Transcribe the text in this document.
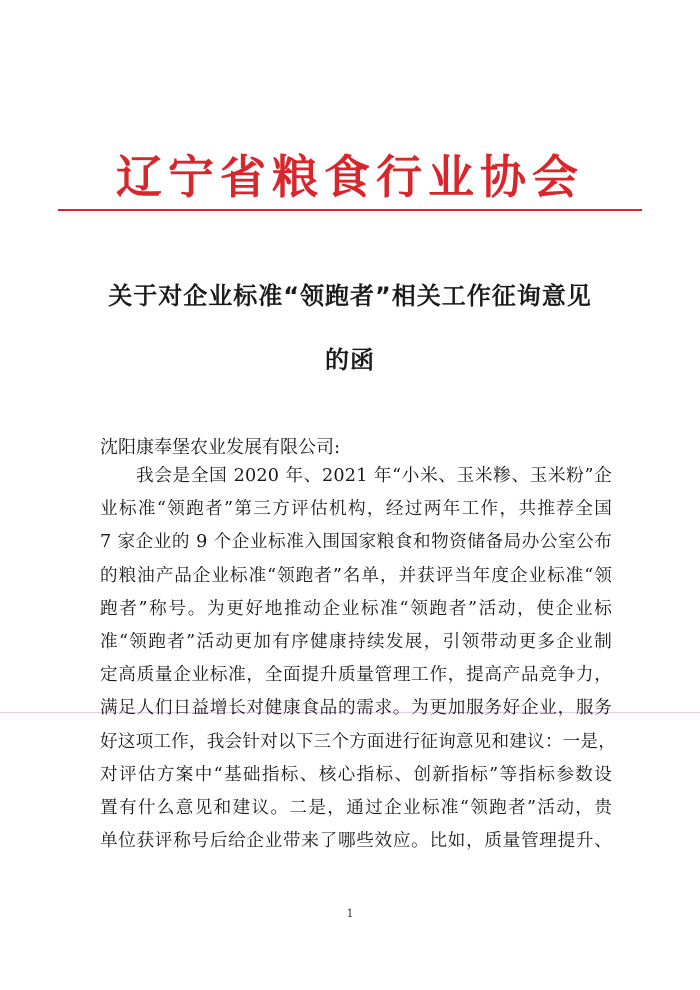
辽宁省粮食行业协会
关于对企业标准“领跑者”相关工作征询意见
的函
沈阳康奉堡农业发展有限公司:
我会是全国 2020 年、2021 年“小米、玉米糁、玉米粉”企
业标准“领跑者”第三方评估机构，经过两年工作，共推荐全国
7 家企业的 9 个企业标准入围国家粮食和物资储备局办公室公布
的粮油产品企业标准“领跑者”名单，并获评当年度企业标准“领
跑者”称号。为更好地推动企业标准“领跑者”活动，使企业标
准“领跑者”活动更加有序健康持续发展，引领带动更多企业制
定高质量企业标准，全面提升质量管理工作，提高产品竞争力，
满足人们日益增长对健康食品的需求。为更加服务好企业，服务
好这项工作，我会针对以下三个方面进行征询意见和建议：一是，
对评估方案中“基础指标、核心指标、创新指标”等指标参数设
置有什么意见和建议。二是，通过企业标准“领跑者”活动，贵
单位获评称号后给企业带来了哪些效应。比如，质量管理提升、
1
